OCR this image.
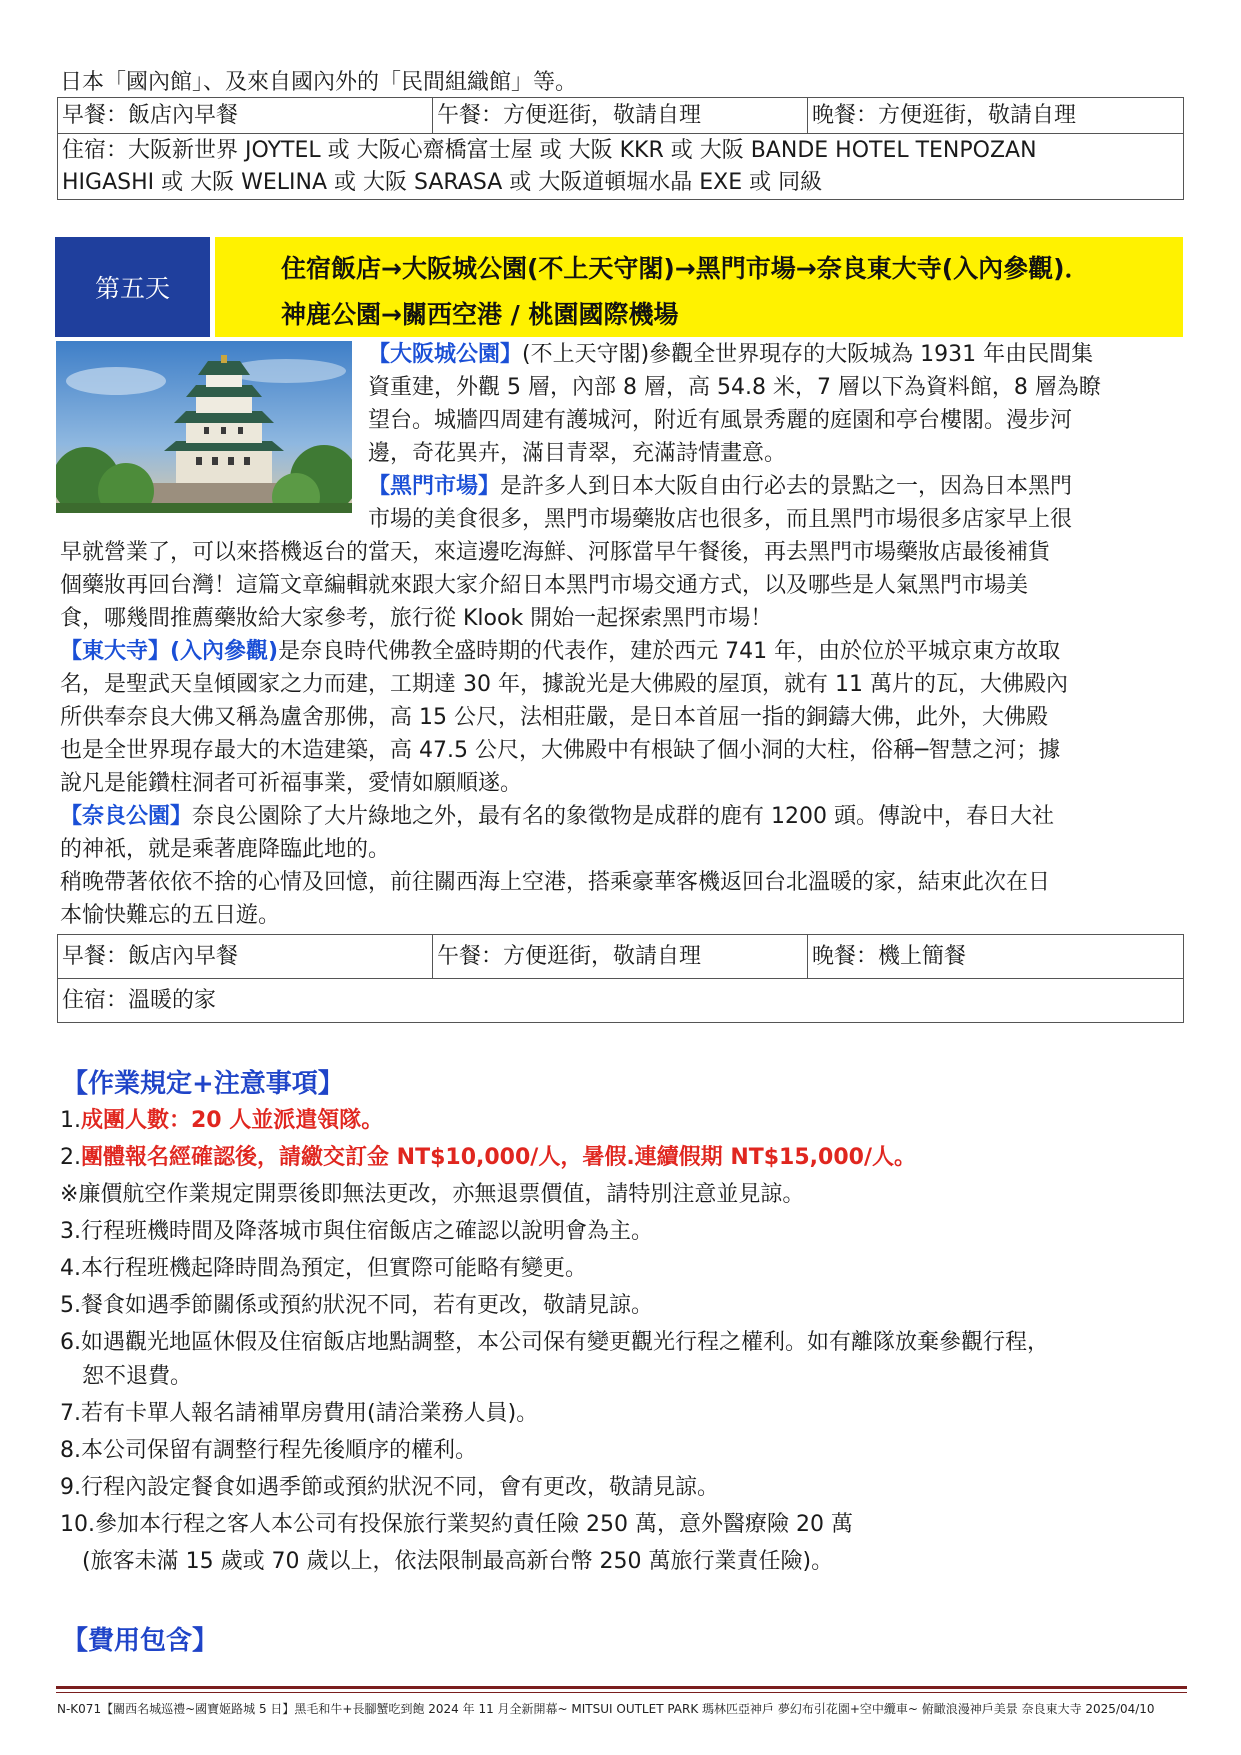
日本「國內館」、及來自國內外的「民間組織館」等。
早餐：飯店內早餐	午餐：方便逛街，敬請自理	晚餐：方便逛街，敬請自理

住宿：大阪新世界 JOYTEL 或 大阪心齋橋富士屋 或 大阪 KKR 或 大阪 BANDE HOTEL TENPOZAN
HIGASHI 或 大阪 WELINA 或 大阪 SARASA 或 大阪道頓堀水晶 EXE 或 同級
第五天
住宿飯店→大阪城公園(不上天守閣)→黑門市場→奈良東大寺(入內參觀)．
神鹿公園→關西空港 / 桃園國際機場
【大阪城公園】(不上天守閣)參觀全世界現存的大阪城為 1931 年由民間集
資重建，外觀 5 層，內部 8 層，高 54.8 米，7 層以下為資料館，8 層為瞭
望台。城牆四周建有護城河，附近有風景秀麗的庭園和亭台樓閣。漫步河
邊，奇花異卉，滿目青翠，充滿詩情畫意。
【黑門市場】是許多人到日本大阪自由行必去的景點之一，因為日本黑門
市場的美食很多，黑門市場藥妝店也很多，而且黑門市場很多店家早上很
早就營業了，可以來搭機返台的當天，來這邊吃海鮮、河豚當早午餐後，再去黑門市場藥妝店最後補貨
個藥妝再回台灣！這篇文章編輯就來跟大家介紹日本黑門市場交通方式，以及哪些是人氣黑門市場美
食，哪幾間推薦藥妝給大家參考，旅行從 Klook 開始一起探索黑門市場！
【東大寺】(入內參觀)是奈良時代佛教全盛時期的代表作，建於西元 741 年，由於位於平城京東方故取
名，是聖武天皇傾國家之力而建，工期達 30 年，據說光是大佛殿的屋頂，就有 11 萬片的瓦，大佛殿內
所供奉奈良大佛又稱為盧舍那佛，高 15 公尺，法相莊嚴，是日本首屈一指的銅鑄大佛，此外，大佛殿
也是全世界現存最大的木造建築，高 47.5 公尺，大佛殿中有根缺了個小洞的大柱，俗稱─智慧之河；據
說凡是能鑽柱洞者可祈福事業，愛情如願順遂。
【奈良公園】奈良公園除了大片綠地之外，最有名的象徵物是成群的鹿有 1200 頭。傳說中，春日大社
的神祇，就是乘著鹿降臨此地的。
稍晚帶著依依不捨的心情及回憶，前往關西海上空港，搭乘豪華客機返回台北溫暖的家，結束此次在日
本愉快難忘的五日遊。
早餐：飯店內早餐	午餐：方便逛街，敬請自理	晚餐：機上簡餐
住宿：溫暖的家
【作業規定+注意事項】
1.成團人數：20 人並派遣領隊。
2.團體報名經確認後，請繳交訂金 NT$10,000/人，暑假.連續假期 NT$15,000/人。
※廉價航空作業規定開票後即無法更改，亦無退票價值，請特別注意並見諒。
3.行程班機時間及降落城市與住宿飯店之確認以說明會為主。
4.本行程班機起降時間為預定，但實際可能略有變更。
5.餐食如遇季節關係或預約狀況不同，若有更改，敬請見諒。
6.如遇觀光地區休假及住宿飯店地點調整，本公司保有變更觀光行程之權利。如有離隊放棄參觀行程，
　恕不退費。
7.若有卡單人報名請補單房費用(請洽業務人員)。
8.本公司保留有調整行程先後順序的權利。
9.行程內設定餐食如遇季節或預約狀況不同，會有更改，敬請見諒。
10.參加本行程之客人本公司有投保旅行業契約責任險 250 萬，意外醫療險 20 萬
　(旅客未滿 15 歲或 70 歲以上，依法限制最高新台幣 250 萬旅行業責任險)。
【費用包含】
N-K071【關西名城巡禮~國寶姬路城 5 日】黑毛和牛+長腳蟹吃到飽 2024 年 11 月全新開幕~ MITSUI OUTLET PARK 瑪林匹亞神戶 夢幻布引花園+空中纜車~ 俯瞰浪漫神戶美景 奈良東大寺 2025/04/10
